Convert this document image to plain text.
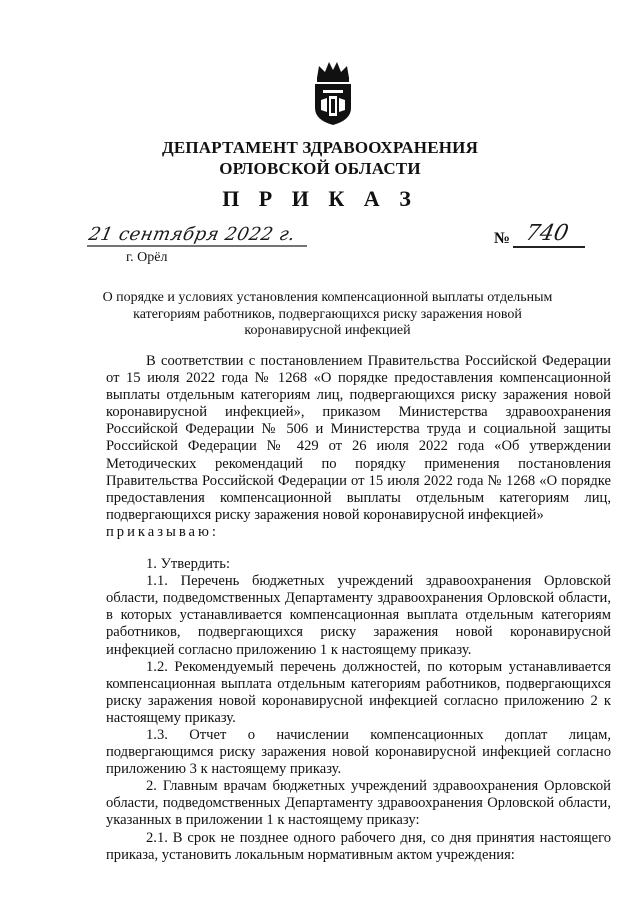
ДЕПАРТАМЕНТ ЗДРАВООХРАНЕНИЯ
ОРЛОВСКОЙ ОБЛАСТИ
П Р И К А З
21 сентября 2022 г.
г. Орёл
№ 740
О порядке и условиях установления компенсационной выплаты отдельным категориям работников, подвергающихся риску заражения новой коронавирусной инфекцией

В соответствии с постановлением Правительства Российской Федерации от 15 июля 2022 года № 1268 «О порядке предоставления компенсационной выплаты отдельным категориям лиц, подвергающихся риску заражения новой коронавирусной инфекцией», приказом Министерства здравоохранения Российской Федерации № 506 и Министерства труда и социальной защиты Российской Федерации № 429 от 26 июля 2022 года «Об утверждении Методических рекомендаций по порядку применения постановления Правительства Российской Федерации от 15 июля 2022 года № 1268 «О порядке предоставления компенсационной выплаты отдельным категориям лиц, подвергающихся риску заражения новой коронавирусной инфекцией»

приказываю:

1. Утвердить:

1.1. Перечень бюджетных учреждений здравоохранения Орловской области, подведомственных Департаменту здравоохранения Орловской области, в которых устанавливается компенсационная выплата отдельным категориям работников, подвергающихся риску заражения новой коронавирусной инфекцией согласно приложению 1 к настоящему приказу.

1.2. Рекомендуемый перечень должностей, по которым устанавливается компенсационная выплата отдельным категориям работников, подвергающихся риску заражения новой коронавирусной инфекцией согласно приложению 2 к настоящему приказу.

1.3. Отчет о начислении компенсационных доплат лицам, подвергающимся риску заражения новой коронавирусной инфекцией согласно приложению 3 к настоящему приказу.

2. Главным врачам бюджетных учреждений здравоохранения Орловской области, подведомственных Департаменту здравоохранения Орловской области, указанных в приложении 1 к настоящему приказу:

2.1. В срок не позднее одного рабочего дня, со дня принятия настоящего приказа, установить локальным нормативным актом учреждения:
